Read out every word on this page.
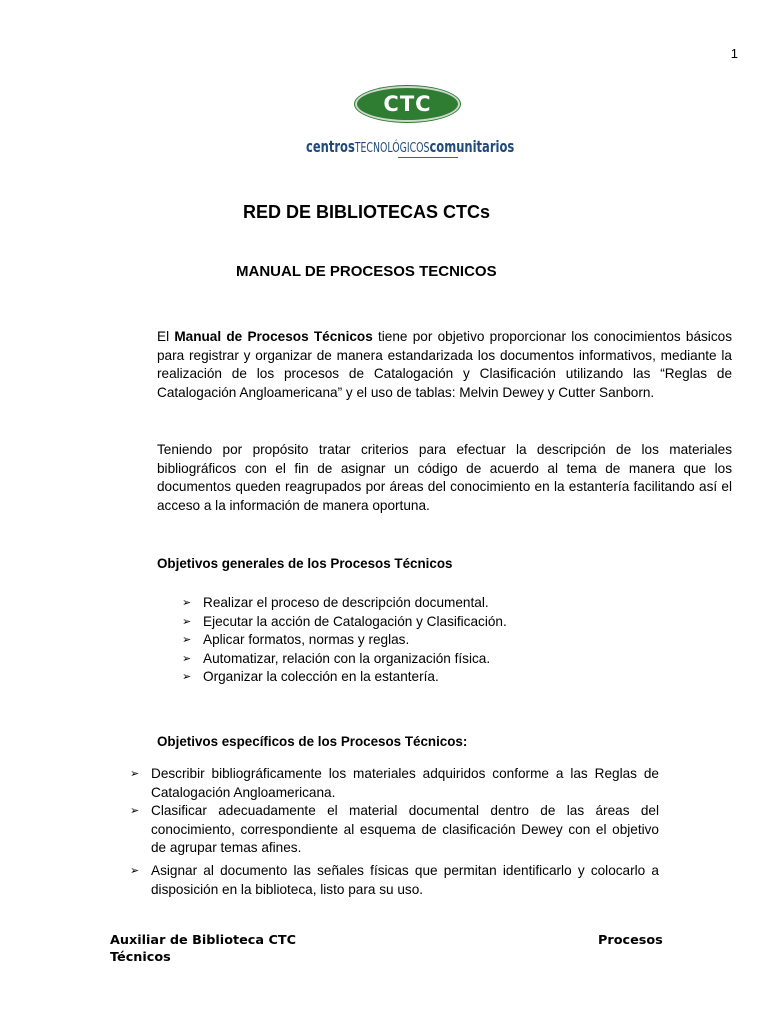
1
CTC
centrosTECNOLÓGICOScomunitarios
RED DE BIBLIOTECAS CTCs
MANUAL DE PROCESOS TECNICOS
El Manual de Procesos Técnicos tiene por objetivo proporcionar los conocimientos básicos para registrar y organizar de manera estandarizada los documentos informativos, mediante la realización de los procesos de Catalogación y Clasificación utilizando las “Reglas de Catalogación Angloamericana” y el uso de tablas: Melvin Dewey y Cutter Sanborn.
Teniendo por propósito tratar criterios para efectuar la descripción de los materiales bibliográficos con el fin de asignar un código de acuerdo al tema de manera que los documentos queden reagrupados por áreas del conocimiento en la estantería facilitando así el acceso a la información de manera oportuna.
Objetivos generales de los Procesos Técnicos
➢ Realizar el proceso de descripción documental.
➢ Ejecutar la acción de Catalogación y Clasificación.
➢ Aplicar formatos, normas y reglas.
➢ Automatizar, relación con la organización física.
➢ Organizar la colección en la estantería.
Objetivos específicos de los Procesos Técnicos:
➢ Describir bibliográficamente los materiales adquiridos conforme a las Reglas de Catalogación Angloamericana.
➢ Clasificar adecuadamente el material documental dentro de las áreas del conocimiento, correspondiente al esquema de clasificación Dewey con el objetivo de agrupar temas afines.
➢ Asignar al documento las señales físicas que permitan identificarlo y colocarlo a disposición en la biblioteca, listo para su uso.
Auxiliar de Biblioteca CTC	Procesos
Técnicos
